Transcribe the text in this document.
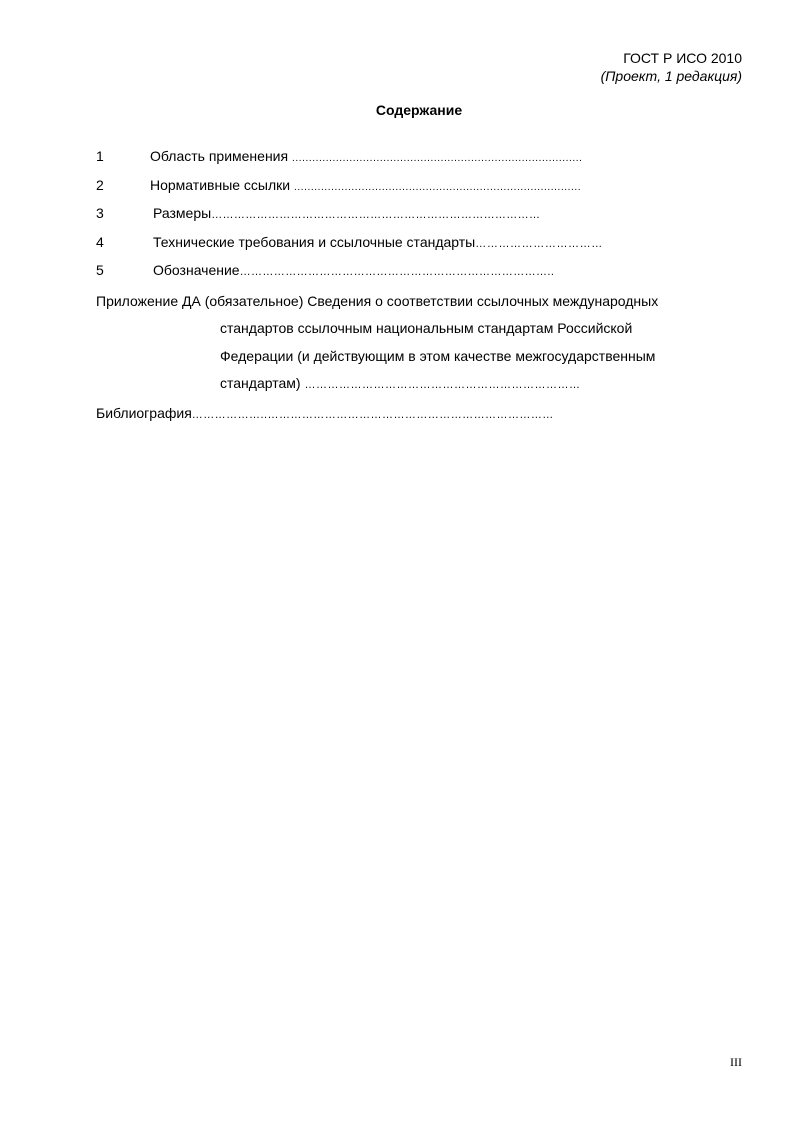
ГОСТ Р ИСО 2010
(Проект, 1 редакция)
Содержание
1	Область применения ......................................................................................
2	Нормативные ссылки .....................................................................................
3	Размеры……………………………………………………………………………
4	Технические требования и ссылочные стандарты……………………………
5	Обозначение………………………………………………………………………..
Приложение ДА (обязательное) Сведения о соответствии ссылочных международных
стандартов ссылочным национальным стандартам Российской
Федерации (и действующим в этом качестве межгосударственным
стандартам) ………………………………………………………………
Библиография………………..…………………………………………………………………
III
